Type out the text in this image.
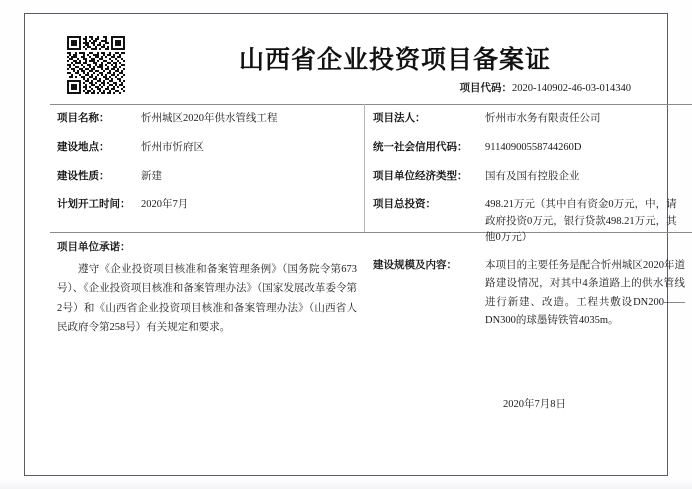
山西省企业投资项目备案证
项目代码：2020-140902-46-03-014340
项目名称：	忻州城区2020年供水管线工程
建设地点：	忻州市忻府区
建设性质：	新建
计划开工时间：	2020年7月
项目法人：	忻州市水务有限责任公司
统一社会信用代码：	91140900558744260D
项目单位经济类型：	国有及国有控股企业
项目总投资：	498.21万元（其中自有资金0万元，中，请政府投资0万元，银行贷款498.21万元，其他0万元）
项目单位承诺：
遵守《企业投资项目核准和备案管理条例》（国务院令第673号）、《企业投资项目核准和备案管理办法》（国家发展改革委令第2号）和《山西省企业投资项目核准和备案管理办法》（山西省人民政府令第258号）有关规定和要求。
建设规模及内容：	本项目的主要任务是配合忻州城区2020年道路建设情况，对其中4条道路上的供水管线进行新建、改造。工程共敷设DN200——DN300的球墨铸铁管4035m。
2020年7月8日
